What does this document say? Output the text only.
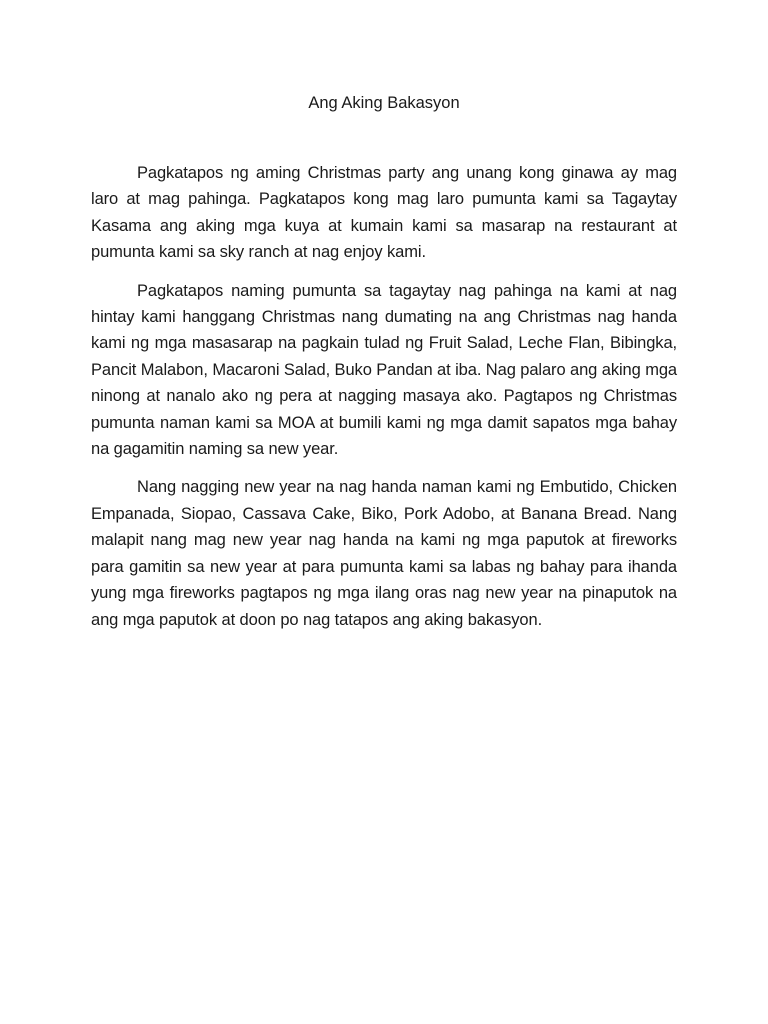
Ang Aking Bakasyon

Pagkatapos ng aming Christmas party ang unang kong ginawa ay mag laro at mag pahinga. Pagkatapos kong mag laro pumunta kami sa Tagaytay Kasama ang aking mga kuya at kumain kami sa masarap na restaurant at pumunta kami sa sky ranch at nag enjoy kami.

Pagkatapos naming pumunta sa tagaytay nag pahinga na kami at nag hintay kami hanggang Christmas nang dumating na ang Christmas nag handa kami ng mga masasarap na pagkain tulad ng Fruit Salad, Leche Flan, Bibingka, Pancit Malabon, Macaroni Salad, Buko Pandan at iba. Nag palaro ang aking mga ninong at nanalo ako ng pera at nagging masaya ako. Pagtapos ng Christmas pumunta naman kami sa MOA at bumili kami ng mga damit sapatos mga bahay na gagamitin naming sa new year.

Nang nagging new year na nag handa naman kami ng Embutido, Chicken Empanada, Siopao, Cassava Cake, Biko, Pork Adobo, at Banana Bread. Nang malapit nang mag new year nag handa na kami ng mga paputok at fireworks para gamitin sa new year at para pumunta kami sa labas ng bahay para ihanda yung mga fireworks pagtapos ng mga ilang oras nag new year na pinaputok na ang mga paputok at doon po nag tatapos ang aking bakasyon.
